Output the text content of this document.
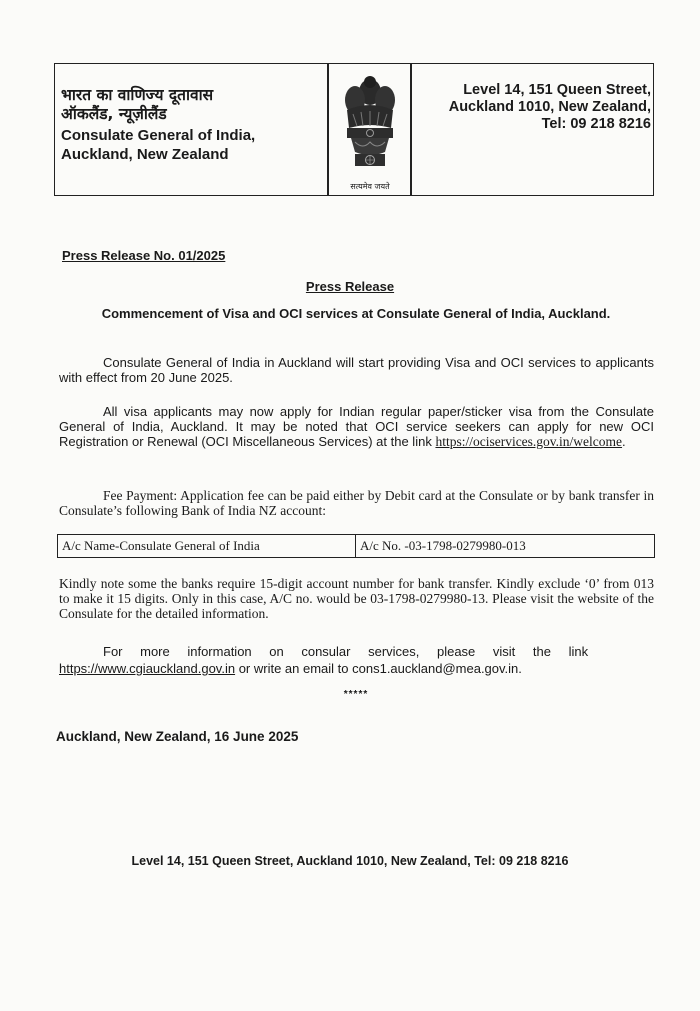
भारत का वाणिज्य दूतावास
ऑकलैंड, न्यूज़ीलैंड
Consulate General of India,
Auckland, New Zealand
सत्यमेव जयते
Level 14, 151 Queen Street,
Auckland 1010, New Zealand,
Tel: 09 218 8216
Press Release No. 01/2025
Press Release
Commencement of Visa and OCI services at Consulate General of India, Auckland.
Consulate General of India in Auckland will start providing Visa and OCI services to applicants with effect from 20 June 2025.
All visa applicants may now apply for Indian regular paper/sticker visa from the Consulate General of India, Auckland. It may be noted that OCI service seekers can apply for new OCI Registration or Renewal (OCI Miscellaneous Services) at the link https://ociservices.gov.in/welcome.
Fee Payment: Application fee can be paid either by Debit card at the Consulate or by bank transfer in Consulate’s following Bank of India NZ account:
A/c Name-Consulate General of India	A/c No. -03-1798-0279980-013
Kindly note some the banks require 15-digit account number for bank transfer. Kindly exclude ‘0’ from 013 to make it 15 digits. Only in this case, A/C no. would be 03-1798-0279980-13. Please visit the website of the Consulate for the detailed information.
For more information on consular services, please visit the link
https://www.cgiauckland.gov.in or write an email to cons1.auckland@mea.gov.in.
*****
Auckland, New Zealand, 16 June 2025
Level 14, 151 Queen Street, Auckland 1010, New Zealand, Tel: 09 218 8216
